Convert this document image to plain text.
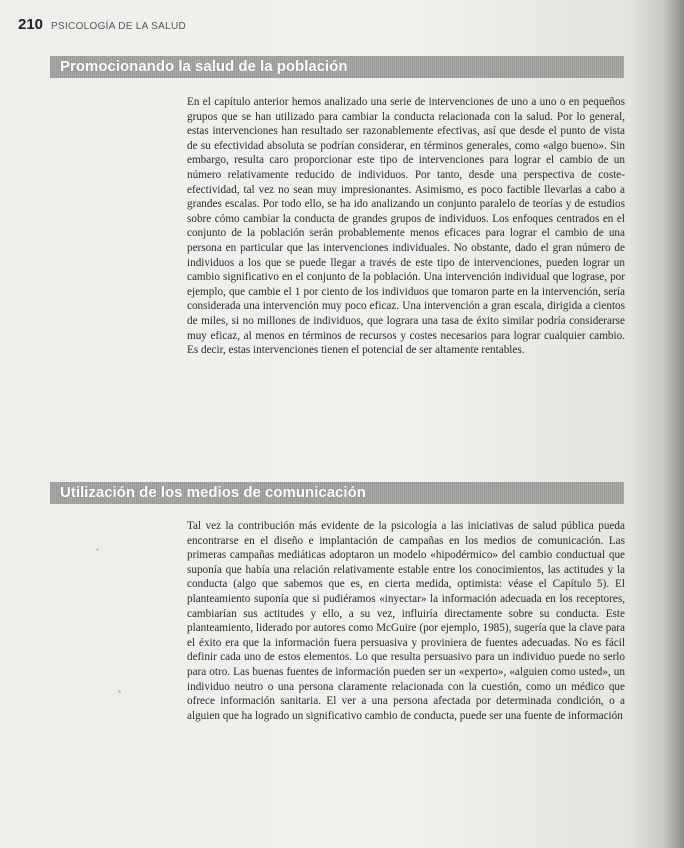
210 PSICOLOGÍA DE LA SALUD
Promocionando la salud de la población

En el capítulo anterior hemos analizado una serie de intervenciones de uno a uno o en pequeños grupos que se han utilizado para cambiar la conducta relacionada con la salud. Por lo general, estas intervenciones han resultado ser razonablemente efectivas, así que desde el punto de vista de su efectividad absoluta se podrían considerar, en términos generales, como «algo bueno». Sin embargo, resulta caro proporcionar este tipo de intervenciones para lograr el cambio de un número relativamente reducido de individuos. Por tanto, desde una perspectiva de coste-efectividad, tal vez no sean muy impresionantes. Asimismo, es poco factible llevarlas a cabo a grandes escalas. Por todo ello, se ha ido analizando un conjunto paralelo de teorías y de estudios sobre cómo cambiar la conducta de grandes grupos de individuos. Los enfoques centrados en el conjunto de la población serán probablemente menos eficaces para lograr el cambio de una persona en particular que las intervenciones individuales. No obstante, dado el gran número de individuos a los que se puede llegar a través de este tipo de intervenciones, pueden lograr un cambio significativo en el conjunto de la población. Una intervención individual que lograse, por ejemplo, que cambie el 1 por ciento de los individuos que tomaron parte en la intervención, sería considerada una intervención muy poco eficaz. Una intervención a gran escala, dirigida a cientos de miles, si no millones de individuos, que lograra una tasa de éxito similar podría considerarse muy eficaz, al menos en términos de recursos y costes necesarios para lograr cualquier cambio. Es decir, estas intervenciones tienen el potencial de ser altamente rentables.

Utilización de los medios de comunicación

Tal vez la contribución más evidente de la psicología a las iniciativas de salud pública pueda encontrarse en el diseño e implantación de campañas en los medios de comunicación. Las primeras campañas mediáticas adoptaron un modelo «hipodérmico» del cambio conductual que suponía que había una relación relativamente estable entre los conocimientos, las actitudes y la conducta (algo que sabemos que es, en cierta medida, optimista: véase el Capítulo 5). El planteamiento suponía que si pudiéramos «inyectar» la información adecuada en los receptores, cambiarían sus actitudes y ello, a su vez, influiría directamente sobre su conducta. Este planteamiento, liderado por autores como McGuire (por ejemplo, 1985), sugería que la clave para el éxito era que la información fuera persuasiva y proviniera de fuentes adecuadas. No es fácil definir cada uno de estos elementos. Lo que resulta persuasivo para un individuo puede no serlo para otro. Las buenas fuentes de información pueden ser un «experto», «alguien como usted», un individuo neutro o una persona claramente relacionada con la cuestión, como un médico que ofrece información sanitaria. El ver a una persona afectada por determinada condición, o a alguien que ha logrado un significativo cambio de conducta, puede ser una fuente de información
